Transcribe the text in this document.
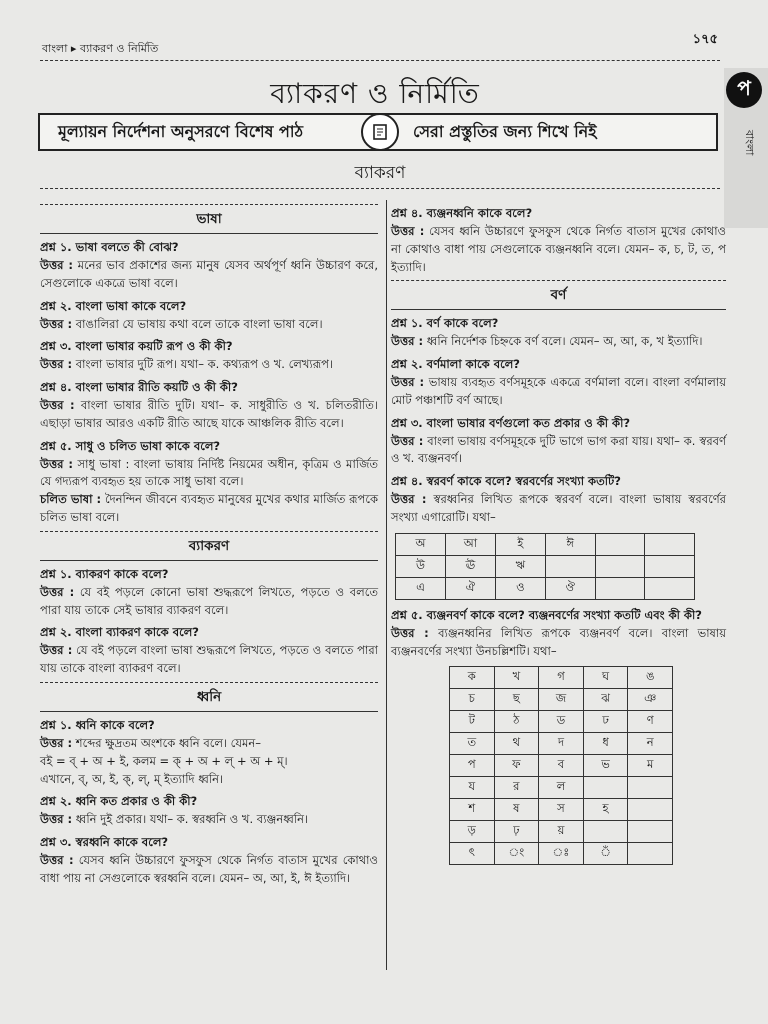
বাংলা ▸ ব্যাকরণ ও নির্মিতি
১৭৫
প
বাংলা
ব্যাকরণ ও নির্মিতি
মূল্যায়ন নির্দেশনা অনুসরণে বিশেষ পাঠ	সেরা প্রস্তুতির জন্য শিখে নিই
ব্যাকরণ
ভাষা
প্রশ্ন ১. ভাষা বলতে কী বোঝ?

উত্তর : মনের ভাব প্রকাশের জন্য মানুষ যেসব অর্থপূর্ণ ধ্বনি উচ্চারণ করে, সেগুলোকে একত্রে ভাষা বলে।

প্রশ্ন ২. বাংলা ভাষা কাকে বলে?

উত্তর : বাঙালিরা যে ভাষায় কথা বলে তাকে বাংলা ভাষা বলে।

প্রশ্ন ৩. বাংলা ভাষার কয়টি রূপ ও কী কী?

উত্তর : বাংলা ভাষার দুটি রূপ। যথা– ক. কথ্যরূপ ও খ. লেখ্যরূপ।

প্রশ্ন ৪. বাংলা ভাষার রীতি কয়টি ও কী কী?

উত্তর : বাংলা ভাষার রীতি দুটি। যথা– ক. সাধুরীতি ও খ. চলিতরীতি। এছাড়া ভাষার আরও একটি রীতি আছে যাকে আঞ্চলিক রীতি বলে।

প্রশ্ন ৫. সাধু ও চলিত ভাষা কাকে বলে?

উত্তর : সাধু ভাষা : বাংলা ভাষায় নির্দিষ্ট নিয়মের অধীন, কৃত্রিম ও মার্জিত যে গদ্যরূপ ব্যবহৃত হয় তাকে সাধু ভাষা বলে।

চলিত ভাষা : দৈনন্দিন জীবনে ব্যবহৃত মানুষের মুখের কথার মার্জিত রূপকে চলিত ভাষা বলে।

ব্যাকরণ
প্রশ্ন ১. ব্যাকরণ কাকে বলে?

উত্তর : যে বই পড়লে কোনো ভাষা শুদ্ধরূপে লিখতে, পড়তে ও বলতে পারা যায় তাকে সেই ভাষার ব্যাকরণ বলে।

প্রশ্ন ২. বাংলা ব্যাকরণ কাকে বলে?

উত্তর : যে বই পড়লে বাংলা ভাষা শুদ্ধরূপে লিখতে, পড়তে ও বলতে পারা যায় তাকে বাংলা ব্যাকরণ বলে।

ধ্বনি
প্রশ্ন ১. ধ্বনি কাকে বলে?

উত্তর : শব্দের ক্ষুদ্রতম অংশকে ধ্বনি বলে। যেমন–

বই = ব্ + অ + ই, কলম = ক্ + অ + ল্ + অ + ম্।

এখানে, ব্, অ, ই, ক্, ল্, ম্ ইত্যাদি ধ্বনি।

প্রশ্ন ২. ধ্বনি কত প্রকার ও কী কী?

উত্তর : ধ্বনি দুই প্রকার। যথা– ক. স্বরধ্বনি ও খ. ব্যঞ্জনধ্বনি।

প্রশ্ন ৩. স্বরধ্বনি কাকে বলে?

উত্তর : যেসব ধ্বনি উচ্চারণে ফুসফুস থেকে নির্গত বাতাস মুখের কোথাও বাধা পায় না সেগুলোকে স্বরধ্বনি বলে। যেমন– অ, আ, ই, ঈ ইত্যাদি।

প্রশ্ন ৪. ব্যঞ্জনধ্বনি কাকে বলে?

উত্তর : যেসব ধ্বনি উচ্চারণে ফুসফুস থেকে নির্গত বাতাস মুখের কোথাও না কোথাও বাধা পায় সেগুলোকে ব্যঞ্জনধ্বনি বলে। যেমন– ক, চ, ট, ত, প ইত্যাদি।

বর্ণ
প্রশ্ন ১. বর্ণ কাকে বলে?

উত্তর : ধ্বনি নির্দেশক চিহ্নকে বর্ণ বলে। যেমন– অ, আ, ক, খ ইত্যাদি।

প্রশ্ন ২. বর্ণমালা কাকে বলে?

উত্তর : ভাষায় ব্যবহৃত বর্ণসমূহকে একত্রে বর্ণমালা বলে। বাংলা বর্ণমালায় মোট পঞ্চাশটি বর্ণ আছে।

প্রশ্ন ৩. বাংলা ভাষার বর্ণগুলো কত প্রকার ও কী কী?

উত্তর : বাংলা ভাষায় বর্ণসমূহকে দুটি ভাগে ভাগ করা যায়। যথা– ক. স্বরবর্ণ ও খ. ব্যঞ্জনবর্ণ।

প্রশ্ন ৪. স্বরবর্ণ কাকে বলে? স্বরবর্ণের সংখ্যা কতটি?

উত্তর : স্বরধ্বনির লিখিত রূপকে স্বরবর্ণ বলে। বাংলা ভাষায় স্বরবর্ণের সংখ্যা এগারোটি। যথা–

অ	আ	ই	ঈ		
উ	ঊ	ঋ			
এ	ঐ	ও	ঔ		
প্রশ্ন ৫. ব্যঞ্জনবর্ণ কাকে বলে? ব্যঞ্জনবর্ণের সংখ্যা কতটি এবং কী কী?

উত্তর : ব্যঞ্জনধ্বনির লিখিত রূপকে ব্যঞ্জনবর্ণ বলে। বাংলা ভাষায় ব্যঞ্জনবর্ণের সংখ্যা উনচল্লিশটি। যথা–

ক	খ	গ	ঘ	ঙ
চ	ছ	জ	ঝ	ঞ
ট	ঠ	ড	ঢ	ণ
ত	থ	দ	ধ	ন
প	ফ	ব	ভ	ম
য	র	ল		
শ	ষ	স	হ	
ড়	ঢ়	য়		
ৎ	ং	ঃ	ঁ	
